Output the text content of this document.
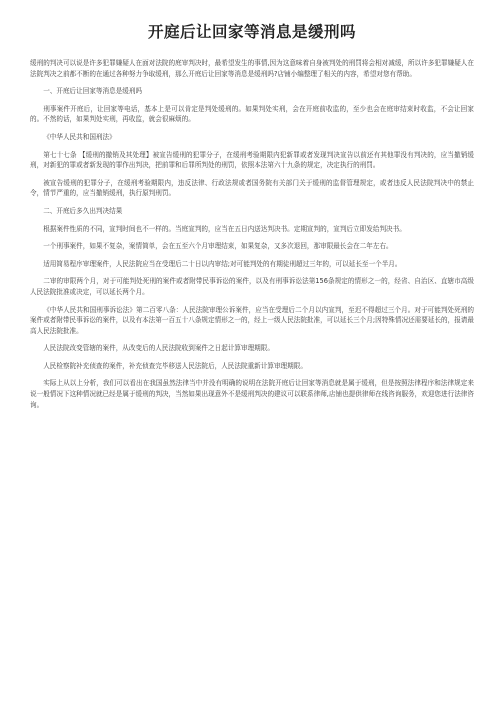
开庭后让回家等消息是缓刑吗

缓刑的判决可以说是许多犯罪嫌疑人在面对法院的庭审判决时，最希望发生的事情,因为这意味着自身被判处的刑罚将会相对减缓，所以许多犯罪嫌疑人在法院判决之前都不断的在通过各种努力争取缓刑，那么开庭后让回家等消息是缓刑吗?店铺小编整理了相关的内容，希望对您有帮助。

一、开庭后让回家等消息是缓刑吗

刑事案件开庭后，让回家等电话，基本上是可以肯定是判处缓刑的。如果判处实刑，会在开庭前收监的，至少也会在庭审结束时收监，不会让回家的。不然的话，如果判处实刑，再收监，就会很麻烦的。

《中华人民共和国刑法》

第七十七条 【缓刑的撤销及其处理】被宣告缓刑的犯罪分子，在缓刑考验期限内犯新罪或者发现判决宣告以前还有其他罪没有判决的，应当撤销缓刑，对新犯的罪或者新发现的罪作出判决，把前罪和后罪所判处的刑罚，依照本法第六十九条的规定，决定执行的刑罚。

被宣告缓刑的犯罪分子，在缓刑考验期限内，违反法律、行政法规或者国务院有关部门关于缓刑的监督管理规定，或者违反人民法院判决中的禁止令，情节严重的，应当撤销缓刑，执行原判刑罚。

二、开庭后多久出判决结果

根据案件性质的不同，宣判时间也不一样的。当庭宣判的，应当在五日内送达判决书。定期宣判的，宣判后立即发给判决书。

一个刑事案件，如果不复杂，案情简单，会在五至六个月审理结束，如果复杂，又多次退回，那审限最长会在二年左右。

适用简易程序审理案件，人民法院应当在受理后二十日以内审结;对可能判处的有期徒刑超过三年的，可以延长至一个半月。

二审的审限两个月，对于可能判处死刑的案件或者附带民事诉讼的案件，以及有刑事诉讼法第156条规定的情形之一的，经省、自治区、直辖市高级人民法院批准或决定，可以延长两个月。

《中华人民共和国刑事诉讼法》第二百零八条：人民法院审理公诉案件，应当在受理后二个月以内宣判，至迟不得超过三个月。对于可能判处死刑的案件或者附带民事诉讼的案件，以及有本法第一百五十八条规定情形之一的，经上一级人民法院批准，可以延长三个月;因特殊情况还需要延长的，报请最高人民法院批准。

人民法院改变管辖的案件，从改变后的人民法院收到案件之日起计算审理期限。

人民检察院补充侦查的案件，补充侦查完毕移送人民法院后，人民法院重新计算审理期限。

实际上从以上分析，我们可以看出在我国虽然法律当中并没有明确的说明在法院开庭后让回家等消息就是属于缓刑，但是按照法律程序和法律规定来说一般情况下这种情况就已经是属于缓刑的判决，当然如果出现意外不是缓刑判决的建议可以联系律师,店铺也提供律师在线咨询服务，欢迎您进行法律咨询。
